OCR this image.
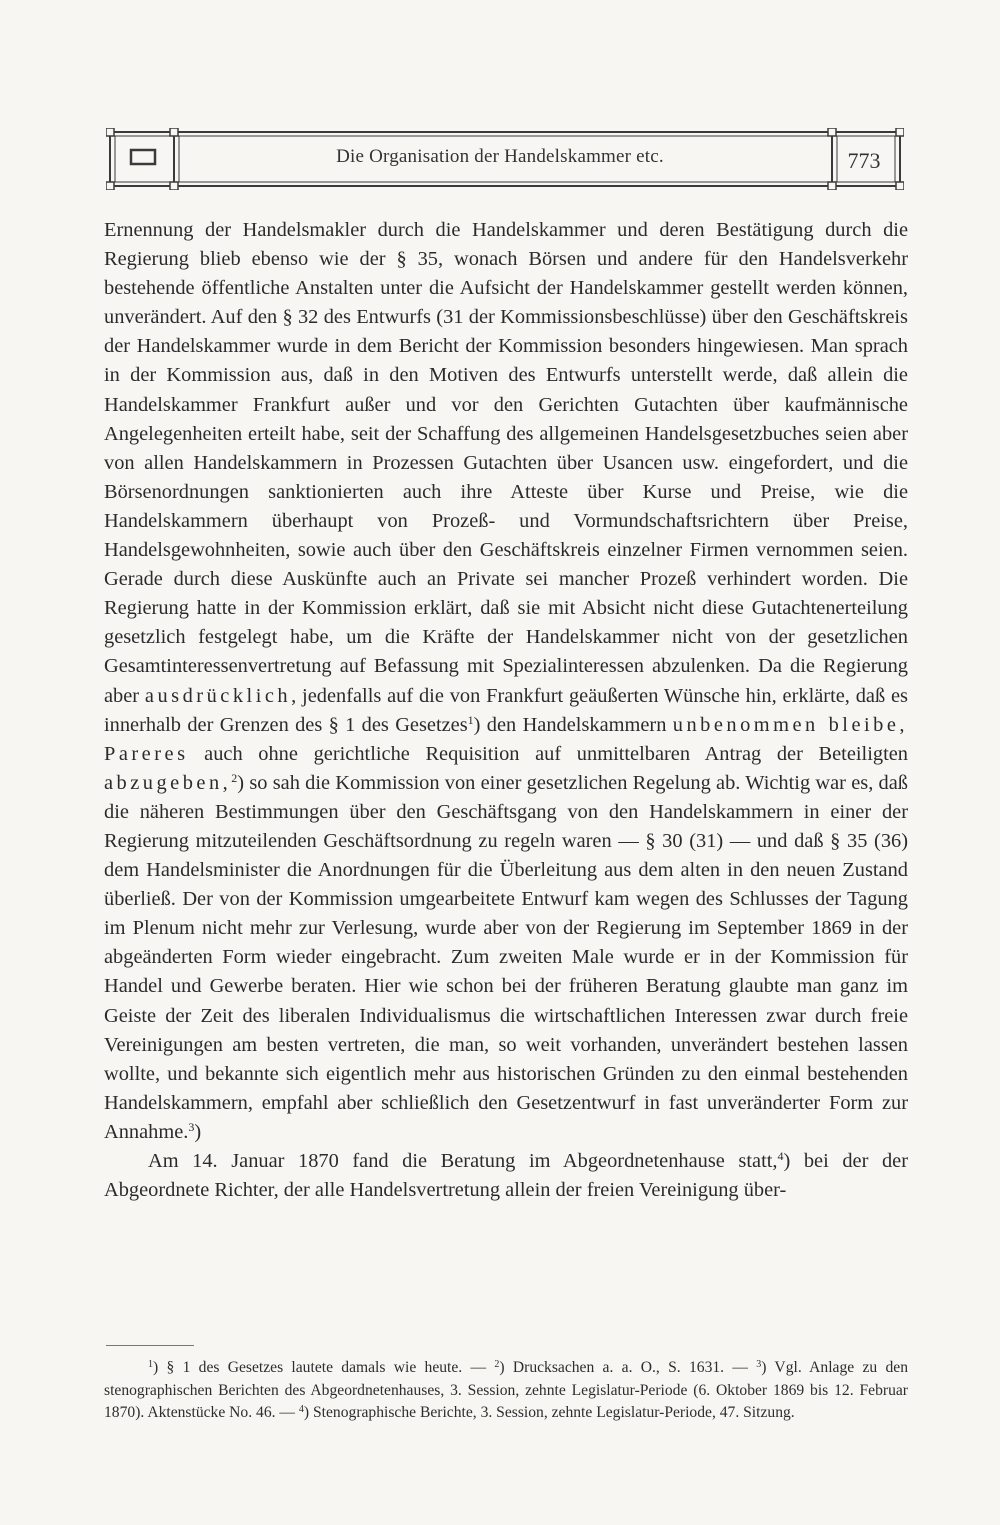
Die Organisation der Handelskammer etc.	773

Ernennung der Handelsmakler durch die Handelskammer und deren Bestätigung durch die Regierung blieb ebenso wie der § 35, wonach Börsen und andere für den Handelsverkehr bestehende öffentliche Anstalten unter die Aufsicht der Handelskammer gestellt werden können, unverändert. Auf den § 32 des Entwurfs (31 der Kommissionsbeschlüsse) über den Geschäftskreis der Handelskammer wurde in dem Bericht der Kommission besonders hingewiesen. Man sprach in der Kommission aus, daß in den Motiven des Entwurfs unterstellt werde, daß allein die Handelskammer Frankfurt außer und vor den Gerichten Gutachten über kaufmännische Angelegenheiten erteilt habe, seit der Schaffung des allgemeinen Handelsgesetzbuches seien aber von allen Handelskammern in Prozessen Gutachten über Usancen usw. eingefordert, und die Börsenordnungen sanktionierten auch ihre Atteste über Kurse und Preise, wie die Handelskammern überhaupt von Prozeß- und Vormundschaftsrichtern über Preise, Handelsgewohnheiten, sowie auch über den Geschäftskreis einzelner Firmen vernommen seien. Gerade durch diese Auskünfte auch an Private sei mancher Prozeß verhindert worden. Die Regierung hatte in der Kommission erklärt, daß sie mit Absicht nicht diese Gutachtenerteilung gesetzlich festgelegt habe, um die Kräfte der Handelskammer nicht von der gesetzlichen Gesamtinteressenvertretung auf Befassung mit Spezialinteressen abzulenken. Da die Regierung aber ausdrücklich, jedenfalls auf die von Frankfurt geäußerten Wünsche hin, erklärte, daß es innerhalb der Grenzen des § 1 des Gesetzes$^1$) den Handelskammern unbenommen bleibe, Pareres auch ohne gerichtliche Requisition auf unmittelbaren Antrag der Beteiligten abzugeben,$^2$) so sah die Kommission von einer gesetzlichen Regelung ab. Wichtig war es, daß die näheren Bestimmungen über den Geschäftsgang von den Handelskammern in einer der Regierung mitzuteilenden Geschäftsordnung zu regeln waren — § 30 (31) — und daß § 35 (36) dem Handelsminister die Anordnungen für die Überleitung aus dem alten in den neuen Zustand überließ. Der von der Kommission umgearbeitete Entwurf kam wegen des Schlusses der Tagung im Plenum nicht mehr zur Verlesung, wurde aber von der Regierung im September 1869 in der abgeänderten Form wieder eingebracht. Zum zweiten Male wurde er in der Kommission für Handel und Gewerbe beraten. Hier wie schon bei der früheren Beratung glaubte man ganz im Geiste der Zeit des liberalen Individualismus die wirtschaftlichen Interessen zwar durch freie Vereinigungen am besten vertreten, die man, so weit vorhanden, unverändert bestehen lassen wollte, und bekannte sich eigentlich mehr aus historischen Gründen zu den einmal bestehenden Handelskammern, empfahl aber schließlich den Gesetzentwurf in fast unveränderter Form zur Annahme.$^3$)

Am 14. Januar 1870 fand die Beratung im Abgeordnetenhause statt,$^4$) bei der der Abgeordnete Richter, der alle Handelsvertretung allein der freien Vereinigung über-

$^1$) § 1 des Gesetzes lautete damals wie heute. — $^2$) Drucksachen a. a. O., S. 1631. — $^3$) Vgl. Anlage zu den stenographischen Berichten des Abgeordnetenhauses, 3. Session, zehnte Legislatur-Periode (6. Oktober 1869 bis 12. Februar 1870). Aktenstücke No. 46. — $^4$) Stenographische Berichte, 3. Session, zehnte Legislatur-Periode, 47. Sitzung.
